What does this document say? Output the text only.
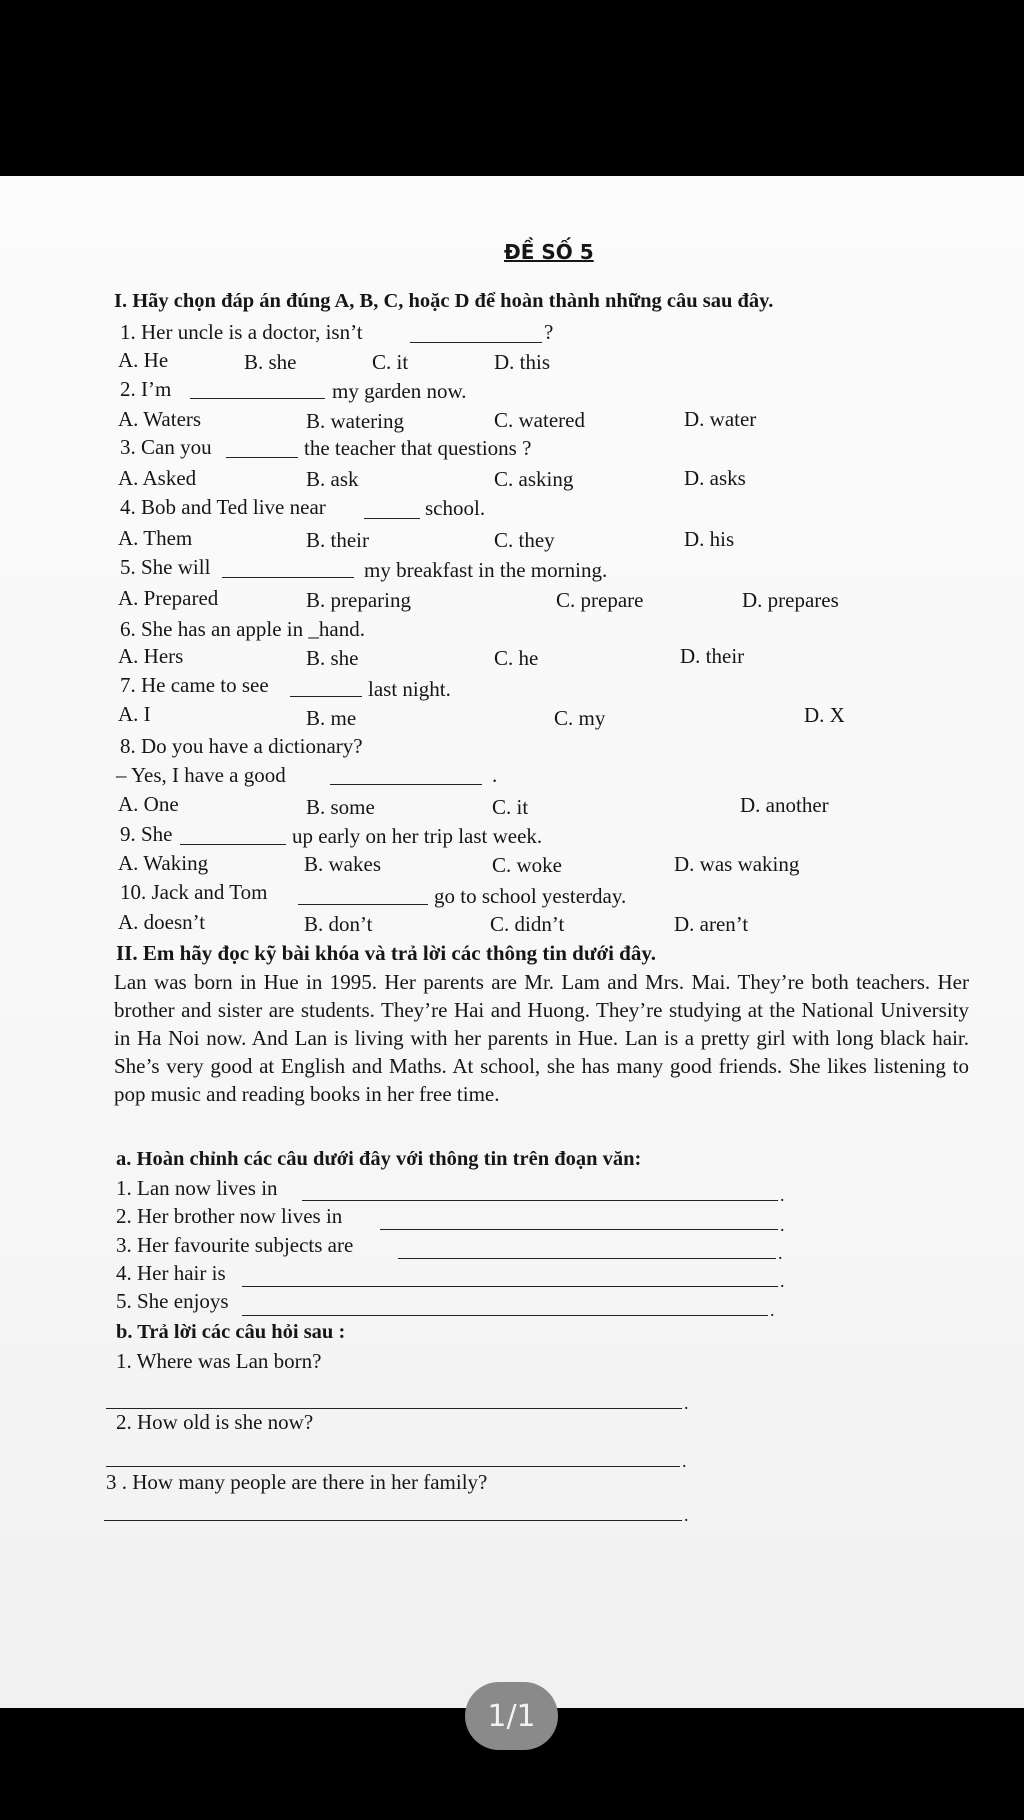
ĐỀ SỐ 5
I. Hãy chọn đáp án đúng A, B, C, hoặc D để hoàn thành những câu sau đây.
1. Her uncle is a doctor, isn’t	?
A. He	B. she	C. it	D. this
2. I’m	my garden now.
A. Waters	B. watering	C. watered	D. water
3. Can you	the teacher that questions ?
A. Asked	B. ask	C. asking	D. asks
4. Bob and Ted live near	school.
A. Them	B. their	C. they	D. his
5. She will	my breakfast in the morning.
A. Prepared	B. preparing	C. prepare	D. prepares
6. She has an apple in _hand.
A. Hers	B. she	C. he	D. their
7. He came to see	last night.
A. I	B. me	C. my	D. X
8. Do you have a dictionary?
– Yes, I have a good	.
A. One	B. some	C. it	D. another
9. She	up early on her trip last week.
A. Waking	B. wakes	C. woke	D. was waking
10. Jack and Tom	go to school yesterday.
A. doesn’t	B. don’t	C. didn’t	D. aren’t
II. Em hãy đọc kỹ bài khóa và trả lời các thông tin dưới đây.
Lan was born in Hue in 1995. Her parents are Mr. Lam and Mrs. Mai. They’re both teachers. Her brother and sister are students. They’re Hai and Huong. They’re studying at the National University in Ha Noi now. And Lan is living with her parents in Hue. Lan is a pretty girl with long black hair. She’s very good at English and Maths. At school, she has many good friends. She likes listening to pop music and reading books in her free time.
a. Hoàn chỉnh các câu dưới đây với thông tin trên đoạn văn:
1. Lan now lives in	.
2. Her brother now lives in	.
3. Her favourite subjects are	.
4. Her hair is	.
5. She enjoys	.
b. Trả lời các câu hỏi sau :
1. Where was Lan born?
.
2. How old is she now?
.
3 . How many people are there in her family?
.
1/1
